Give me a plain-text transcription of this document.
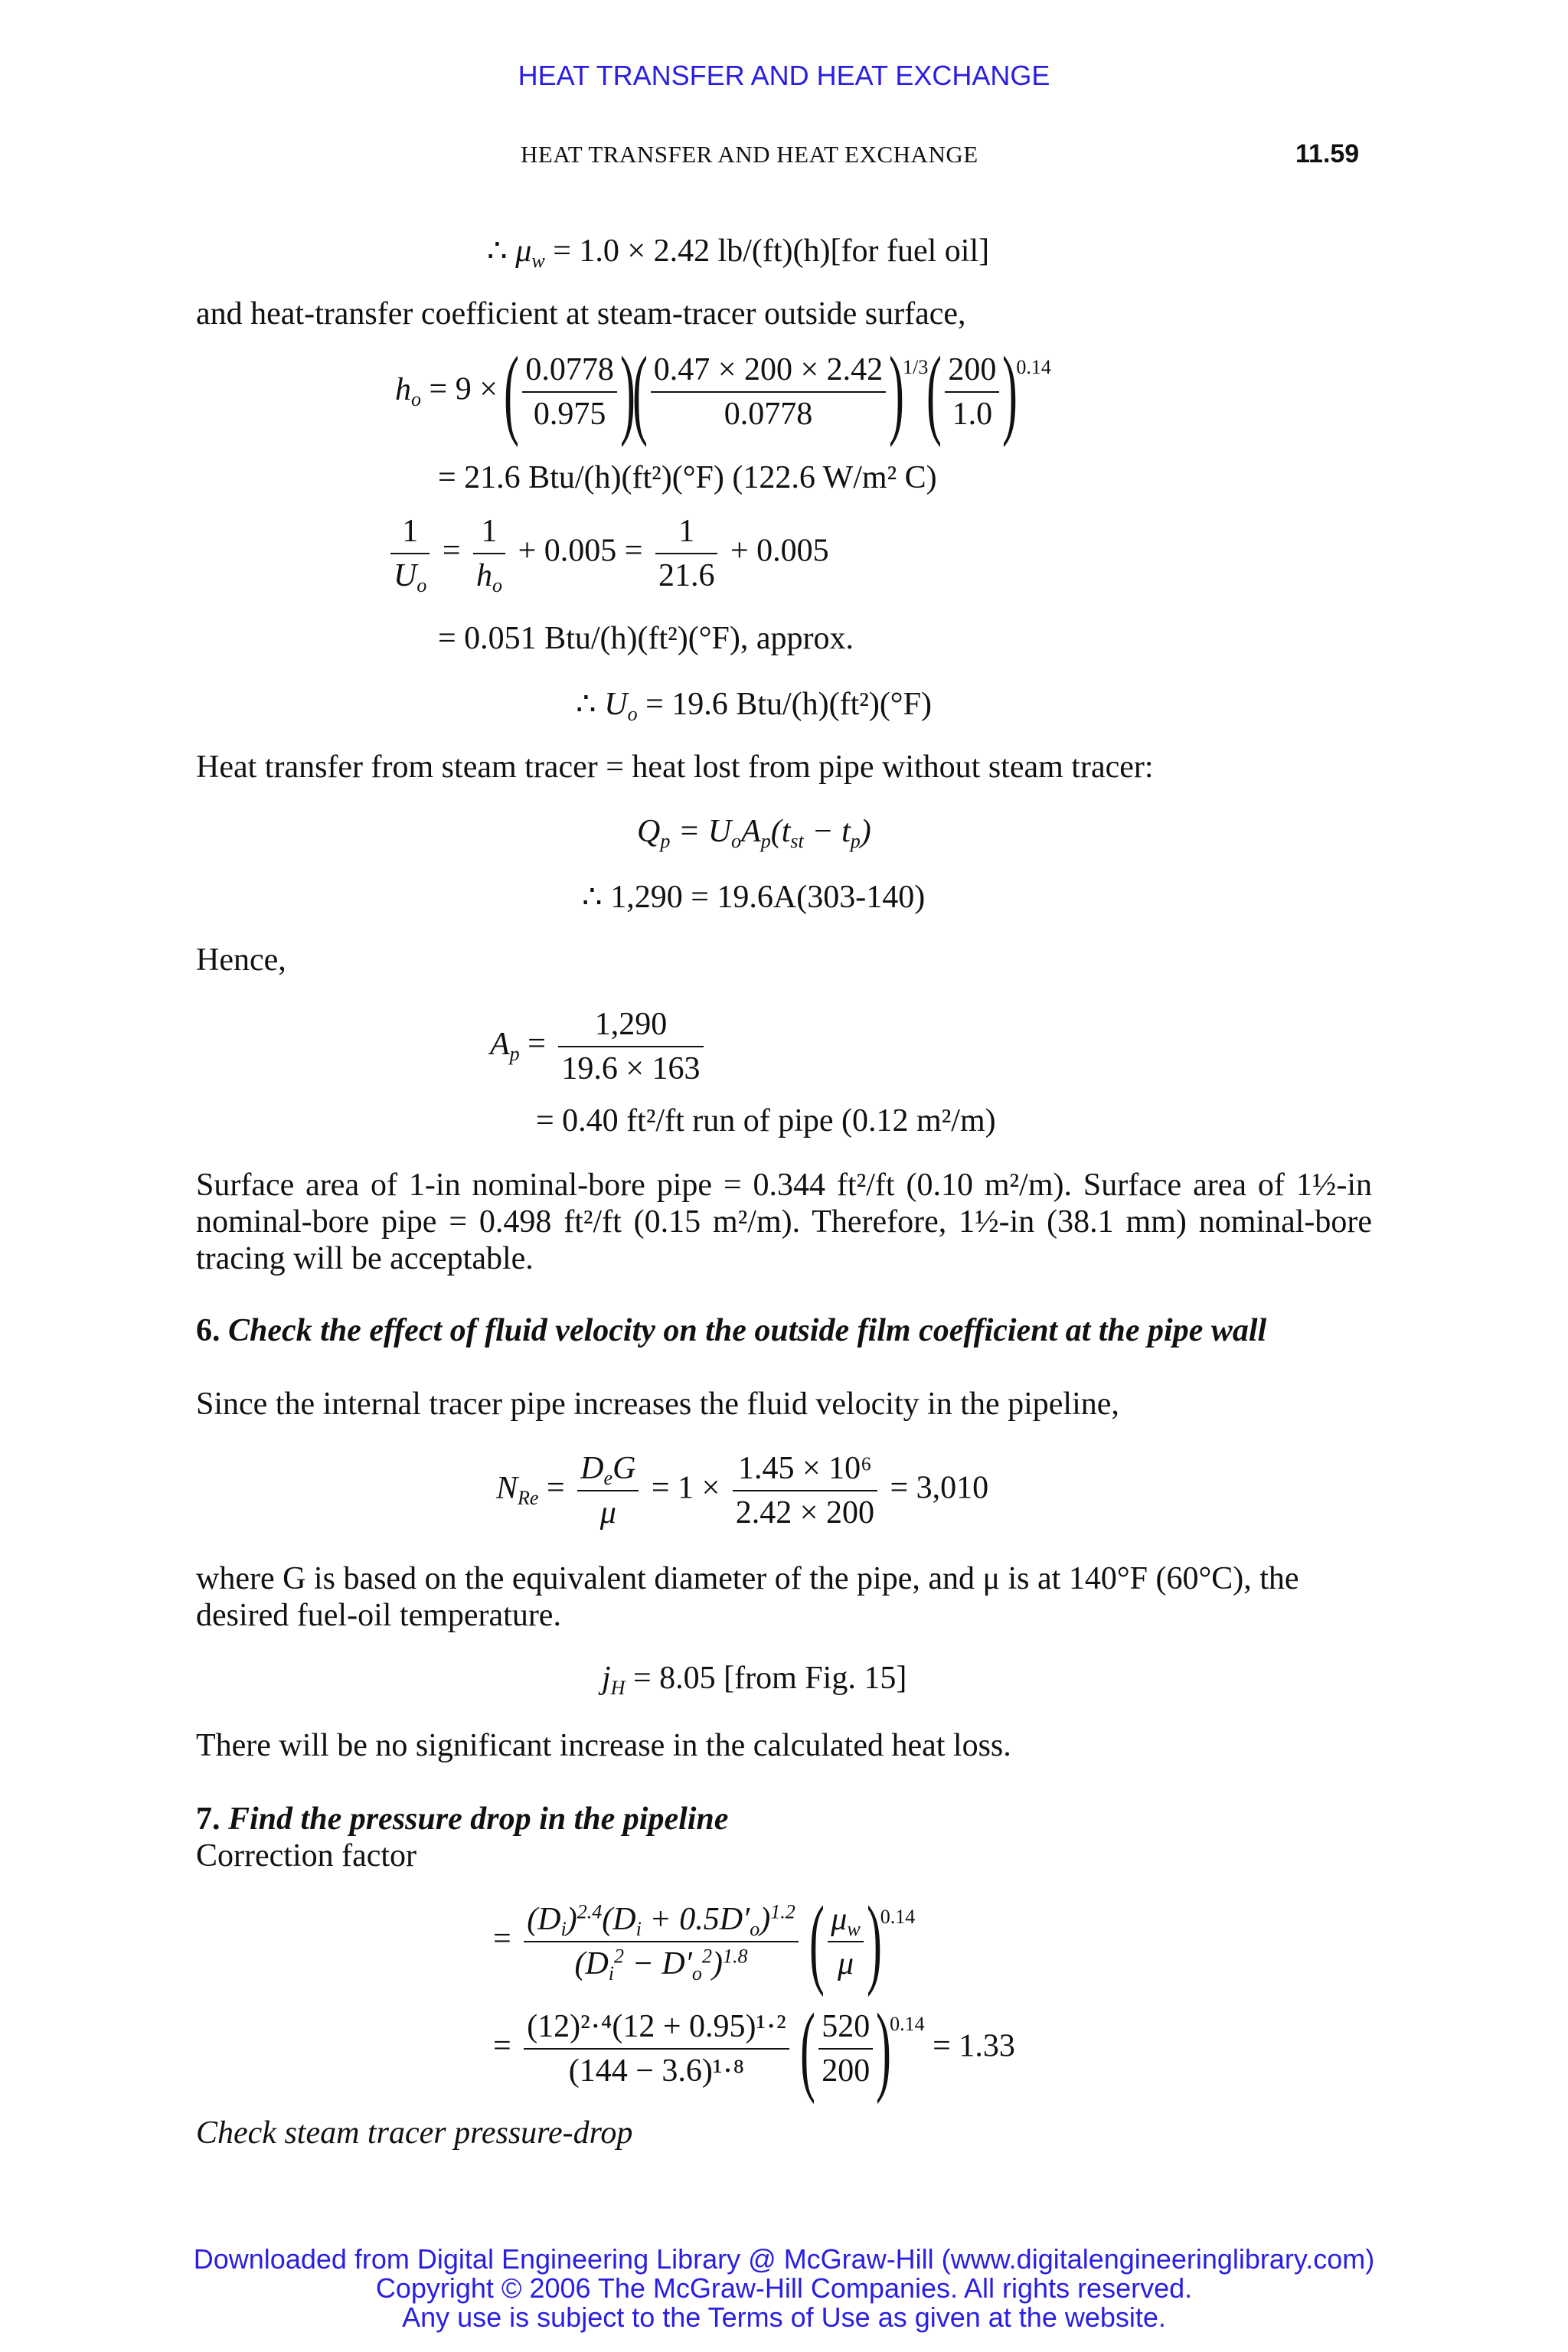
HEAT TRANSFER AND HEAT EXCHANGE
HEAT TRANSFER AND HEAT EXCHANGE	11.59
∴ $\mu_w = 1.0 \times 2.42$ lb/(ft)(h)[for fuel oil]
and heat-transfer coefficient at steam-tracer outside surface,
$h_o = 9$ × ( $\frac{0.0778}{0.975}$ )( $\frac{0.47 \times 200 \times 2.42}{0.0778} )^{1/3}( \frac{200}{1.0} )^{0.14}$
= 21.6 Btu/(h)(ft²)(°F) (122.6 W/m² C)
$\frac{1}{U_o} = \frac{1}{h_o} + 0.005 = \frac{1}{21.6} + 0.005$
= 0.051 Btu/(h)(ft²)(°F), approx.
∴ $U_o = 19.6$ Btu/(h)(ft²)(°F)
Heat transfer from steam tracer = heat lost from pipe without steam tracer:
$Q_p = U_oA_p(t_{st} - t_p)$
∴ 1,290 = 19.6A(303-140)
Hence,
$A_p = \frac{1,290}{19.6 \times 163}$
= 0.40 ft²/ft run of pipe (0.12 m²/m)
Surface area of 1-in nominal-bore pipe = 0.344 ft²/ft (0.10 m²/m). Surface area of 1½-in nominal-bore pipe = 0.498 ft²/ft (0.15 m²/m). Therefore, 1½-in (38.1 mm) nominal-bore tracing will be acceptable.
6. Check the effect of fluid velocity on the outside film coefficient at the pipe wall
Since the internal tracer pipe increases the fluid velocity in the pipeline,
$N_{Re} = \frac{D_eG}{\mu} = 1 \times \frac{\text{1.45 × 10⁶}}{2.42 \times 200} = 3,010$
where G is based on the equivalent diameter of the pipe, and μ is at 140°F (60°C), the desired fuel-oil temperature.
$j_H = 8.05$ [from Fig. 15]
There will be no significant increase in the calculated heat loss.
7. Find the pressure drop in the pipeline
Correction factor
= $\frac{(D_i)^{2.4}(D_i + 0.5D'_o)^{1.2}}{(D_i^2 - D'_o^2)^{1.8}}$ ( $\frac{\mu_w}{\mu} )^{0.14}$
= $\frac{\text{(12)²·⁴(12 + 0.95)¹·²}}{\text{(144 − 3.6)¹·⁸}}$ ( $\frac{520}{200} )^{0.14} = 1.33$
Check steam tracer pressure-drop
Downloaded from Digital Engineering Library @ McGraw-Hill (www.digitalengineeringlibrary.com)
Copyright © 2006 The McGraw-Hill Companies. All rights reserved.
Any use is subject to the Terms of Use as given at the website.
